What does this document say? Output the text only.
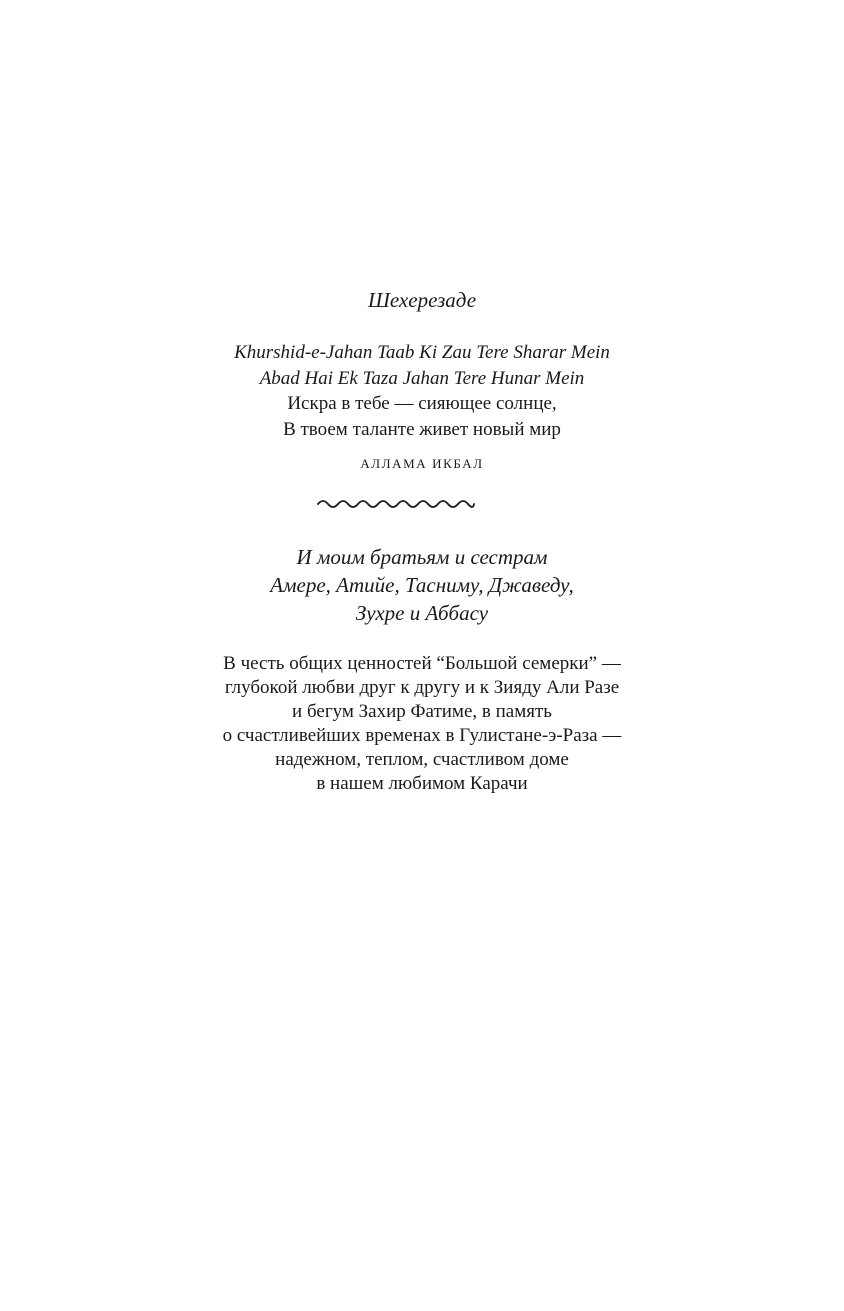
Шехерезаде
Khurshid-e-Jahan Taab Ki Zau Tere Sharar Mein
Abad Hai Ek Taza Jahan Tere Hunar Mein
Искра в тебе — сияющее солнце,
В твоем таланте живет новый мир
АЛЛАМА ИКБАЛ
И моим братьям и сестрам
Амере, Атийе, Тасниму, Джаведу,
Зухре и Аббасу
В честь общих ценностей “Большой семерки” —
глубокой любви друг к другу и к Зияду Али Разе
и бегум Захир Фатиме, в память
о счастливейших временах в Гулистане-э-Раза —
надежном, теплом, счастливом доме
в нашем любимом Карачи
